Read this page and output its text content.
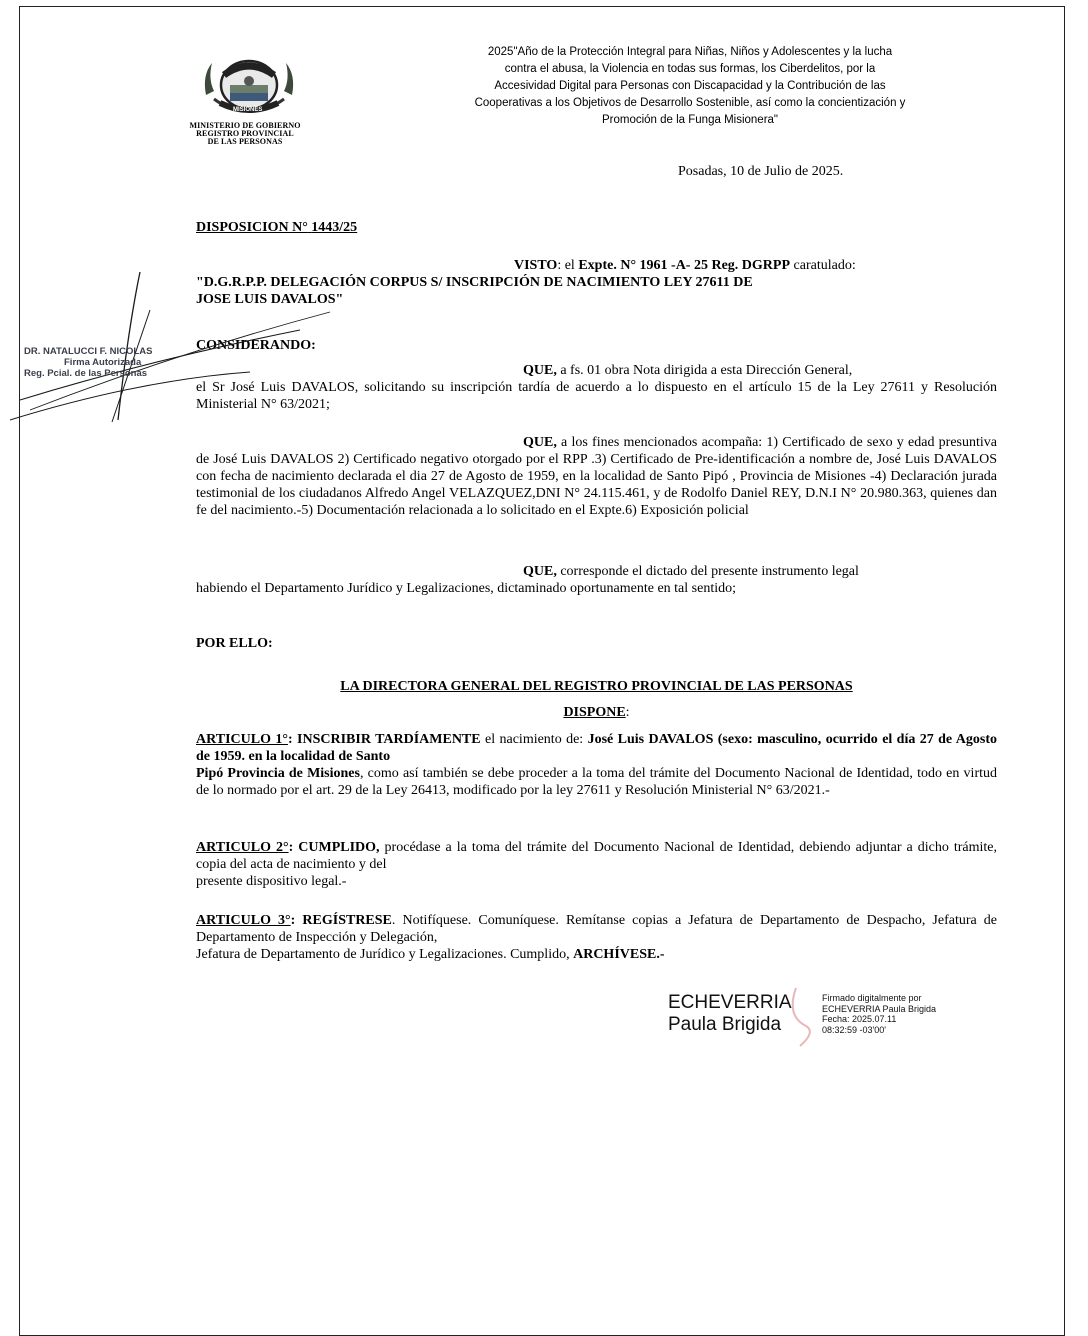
PROVINCIA DE
MISIONES
MINISTERIO DE GOBIERNO
REGISTRO PROVINCIAL
DE LAS PERSONAS
2025"Año de la Protección Integral para Niñas, Niños y Adolescentes y la lucha
contra el abusa, la Violencia en todas sus formas, los Ciberdelitos, por la
Accesividad Digital para Personas con Discapacidad y la Contribución de las
Cooperativas a los Objetivos de Desarrollo Sostenible, así como la concientización y
Promoción de la Funga Misionera"
Posadas, 10 de Julio de 2025.
DISPOSICION N° 1443/25

VISTO: el Expte. N° 1961 -A- 25 Reg. DGRPP caratulado:

"D.G.R.P.P. DELEGACIÓN CORPUS S/ INSCRIPCIÓN DE NACIMIENTO LEY 27611 DE

JOSE LUIS DAVALOS"

CONSIDERANDO:

QUE, a fs. 01 obra Nota dirigida a esta Dirección General,

el Sr José Luis DAVALOS, solicitando su inscripción tardía de acuerdo a lo dispuesto en el artículo 15 de la Ley 27611 y Resolución Ministerial N° 63/2021;

QUE, a los fines mencionados acompaña: 1) Certificado de sexo y edad presuntiva de José Luis DAVALOS 2) Certificado negativo otorgado por el RPP .3) Certificado de Pre-identificación a nombre de, José Luis DAVALOS con fecha de nacimiento declarada el dia 27 de Agosto de 1959, en la localidad de Santo Pipó , Provincia de Misiones -4) Declaración jurada testimonial de los ciudadanos Alfredo Angel VELAZQUEZ,DNI N° 24.115.461, y de Rodolfo Daniel REY, D.N.I N° 20.980.363, quienes dan fe del nacimiento.-5) Documentación relacionada a lo solicitado en el Expte.6) Exposición policial

QUE, corresponde el dictado del presente instrumento legal

habiendo el Departamento Jurídico y Legalizaciones, dictaminado oportunamente en tal sentido;

POR ELLO:
LA DIRECTORA GENERAL DEL REGISTRO PROVINCIAL DE LAS PERSONAS
DISPONE:

ARTICULO 1°: INSCRIBIR TARDÍAMENTE el nacimiento de: José Luis DAVALOS (sexo: masculino, ocurrido el día 27 de Agosto de 1959. en la localidad de Santo

Pipó Provincia de Misiones, como así también se debe proceder a la toma del trámite del Documento Nacional de Identidad, todo en virtud de lo normado por el art. 29 de la Ley 26413, modificado por la ley 27611 y Resolución Ministerial N° 63/2021.-

ARTICULO 2°: CUMPLIDO, procédase a la toma del trámite del Documento Nacional de Identidad, debiendo adjuntar a dicho trámite, copia del acta de nacimiento y del

presente dispositivo legal.-

ARTICULO 3°: REGÍSTRESE. Notifíquese. Comuníquese. Remítanse copias a Jefatura de Departamento de Despacho, Jefatura de Departamento de Inspección y Delegación,

Jefatura de Departamento de Jurídico y Legalizaciones. Cumplido, ARCHÍVESE.-

DR. NATALUCCI F. NICOLAS
Firma Autorizada
Reg. Pcial. de las Personas
ECHEVERRIA
Paula Brigida
Firmado digitalmente por
ECHEVERRIA Paula Brigida
Fecha: 2025.07.11
08:32:59 -03'00'
